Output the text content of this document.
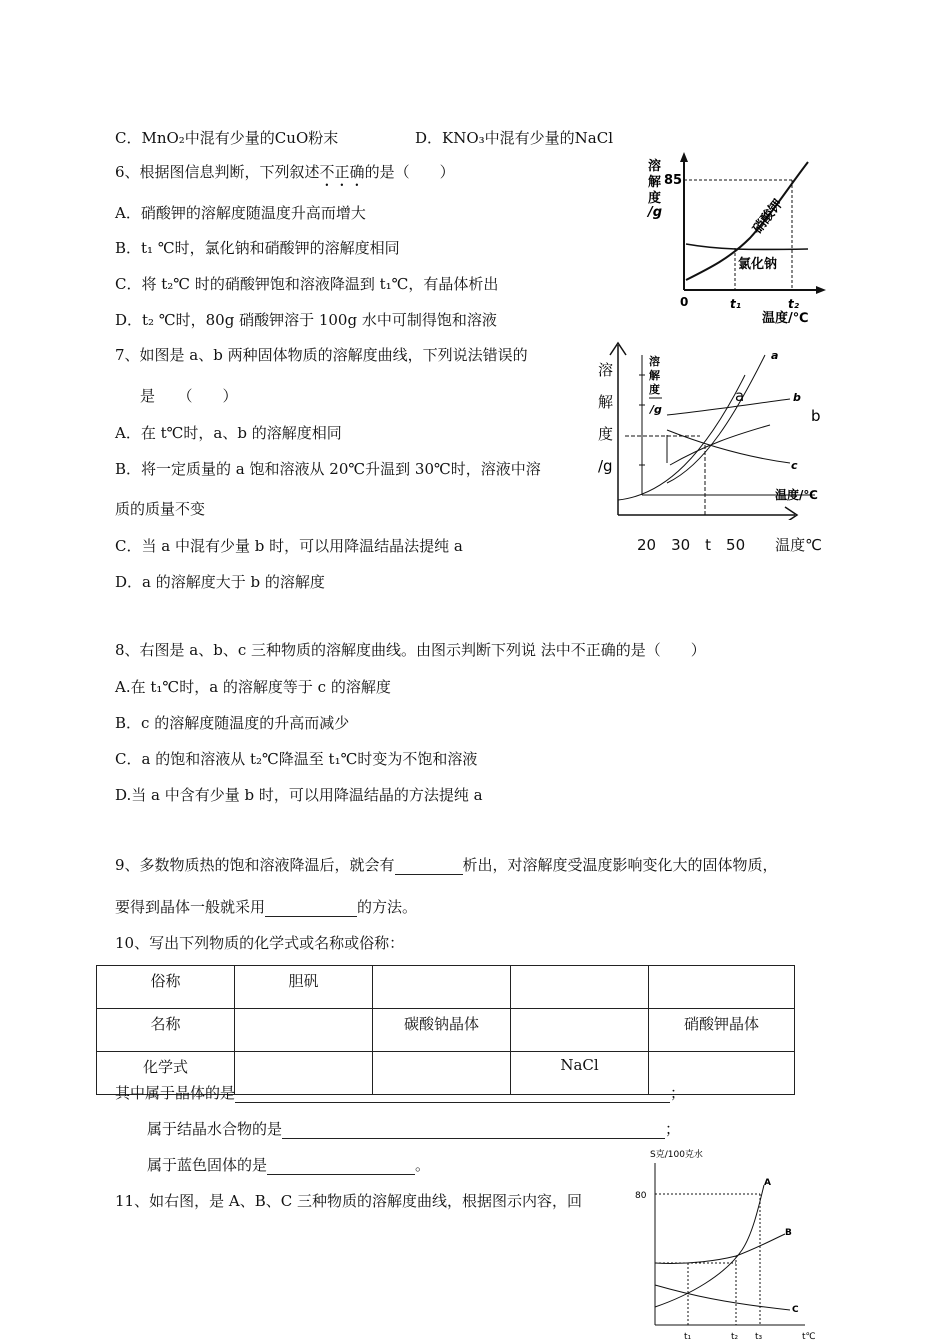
C．MnO₂中混有少量的CuO粉末	D．KNO₃中混有少量的NaCl
6、根据图信息判断，下列叙述不正确的是（　　）
A．硝酸钾的溶解度随温度升高而增大
B．t₁ ℃时，氯化钠和硝酸钾的溶解度相同
C．将 t₂℃ 时的硝酸钾饱和溶液降温到 t₁℃，有晶体析出
D．t₂ ℃时，80g 硝酸钾溶于 100g 水中可制得饱和溶液
溶
解
度
/g
85
硝酸钾
氯化钠
0	t₁	t₂
温度/℃
7、如图是 a、b 两种固体物质的溶解度曲线，下列说法错误的
是　　（　　）
A．在 t℃时，a、b 的溶解度相同
B．将一定质量的 a 饱和溶液从 20℃升温到 30℃时，溶液中溶
质的质量不变
C．当 a 中混有少量 b 时，可以用降温结晶法提纯 a
D．a 的溶解度大于 b 的溶解度
溶
解
度
/g
溶
解
度
/g
a
a	b
b
c
温度/℃
20　30　t　50　　温度℃
8、右图是 a、b、c 三种物质的溶解度曲线。由图示判断下列说 法中不正确的是（　　）
A.在 t₁℃时，a 的溶解度等于 c 的溶解度
B．c 的溶解度随温度的升高而减少
C．a 的饱和溶液从 t₂℃降温至 t₁℃时变为不饱和溶液
D.当 a 中含有少量 b 时，可以用降温结晶的方法提纯 a
9、多数物质热的饱和溶液降温后，就会有	析出，对溶解度受温度影响变化大的固体物质，
要得到晶体一般就采用	的方法。
10、写出下列物质的化学式或名称或俗称：
俗称	胆矾			
名称		碳酸钠晶体		硝酸钾晶体
化学式			NaCl	
其中属于晶体的是	；
属于结晶水合物的是	；
属于蓝色固体的是	。
11、如右图，是 A、B、C 三种物质的溶解度曲线，根据图示内容，回
S克/100克水
80
A
B
C
t₁	t₂ t₃	t℃
